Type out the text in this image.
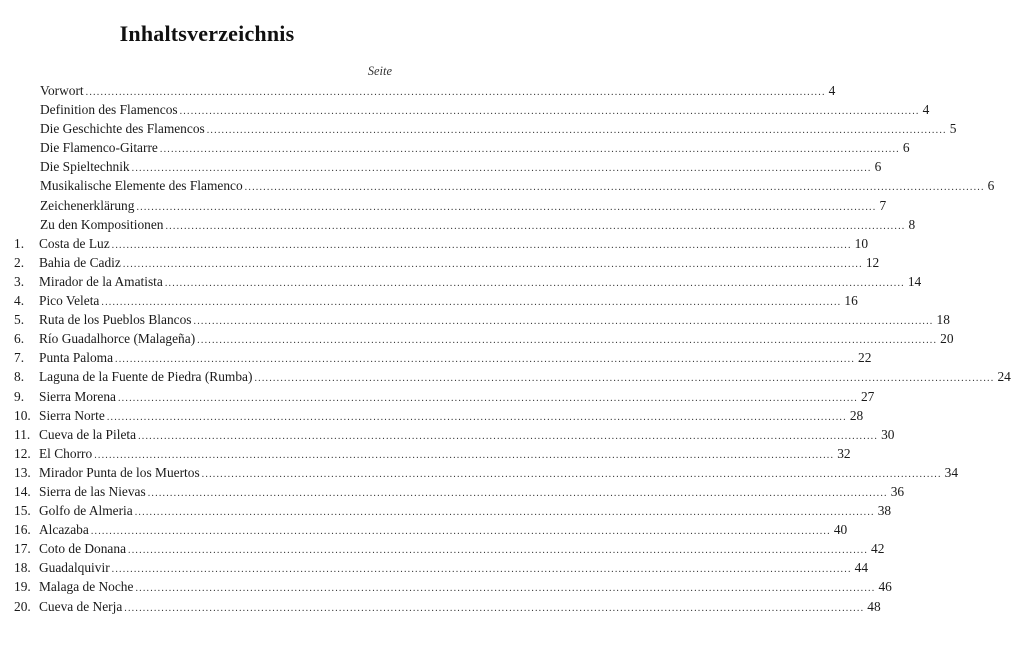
Inhaltsverzeichnis
Seite
Vorwort ........................................................................................................................................................................................................ 4
Definition des Flamencos ........................................................................................................................................................................................................ 4
Die Geschichte des Flamencos ........................................................................................................................................................................................................ 5
Die Flamenco-Gitarre ........................................................................................................................................................................................................ 6
Die Spieltechnik ........................................................................................................................................................................................................ 6
Musikalische Elemente des Flamenco ........................................................................................................................................................................................................ 6
Zeichenerklärung ........................................................................................................................................................................................................ 7
Zu den Kompositionen ........................................................................................................................................................................................................ 8
1.	Costa de Luz ........................................................................................................................................................................................................ 10
2.	Bahia de Cadiz ........................................................................................................................................................................................................ 12
3.	Mirador de la Amatista ........................................................................................................................................................................................................ 14
4.	Pico Veleta ........................................................................................................................................................................................................ 16
5.	Ruta de los Pueblos Blancos ........................................................................................................................................................................................................ 18
6.	Río Guadalhorce (Malageña) ........................................................................................................................................................................................................ 20
7.	Punta Paloma ........................................................................................................................................................................................................ 22
8.	Laguna de la Fuente de Piedra (Rumba) ........................................................................................................................................................................................................ 24
9.	Sierra Morena ........................................................................................................................................................................................................ 27
10. Sierra Norte ........................................................................................................................................................................................................ 28
11. Cueva de la Pileta ........................................................................................................................................................................................................ 30
12. El Chorro ........................................................................................................................................................................................................ 32
13. Mirador Punta de los Muertos ........................................................................................................................................................................................................ 34
14. Sierra de las Nievas ........................................................................................................................................................................................................ 36
15. Golfo de Almeria ........................................................................................................................................................................................................ 38
16. Alcazaba ........................................................................................................................................................................................................ 40
17. Coto de Donana ........................................................................................................................................................................................................ 42
18. Guadalquivir ........................................................................................................................................................................................................ 44
19. Malaga de Noche ........................................................................................................................................................................................................ 46
20. Cueva de Nerja ........................................................................................................................................................................................................ 48
